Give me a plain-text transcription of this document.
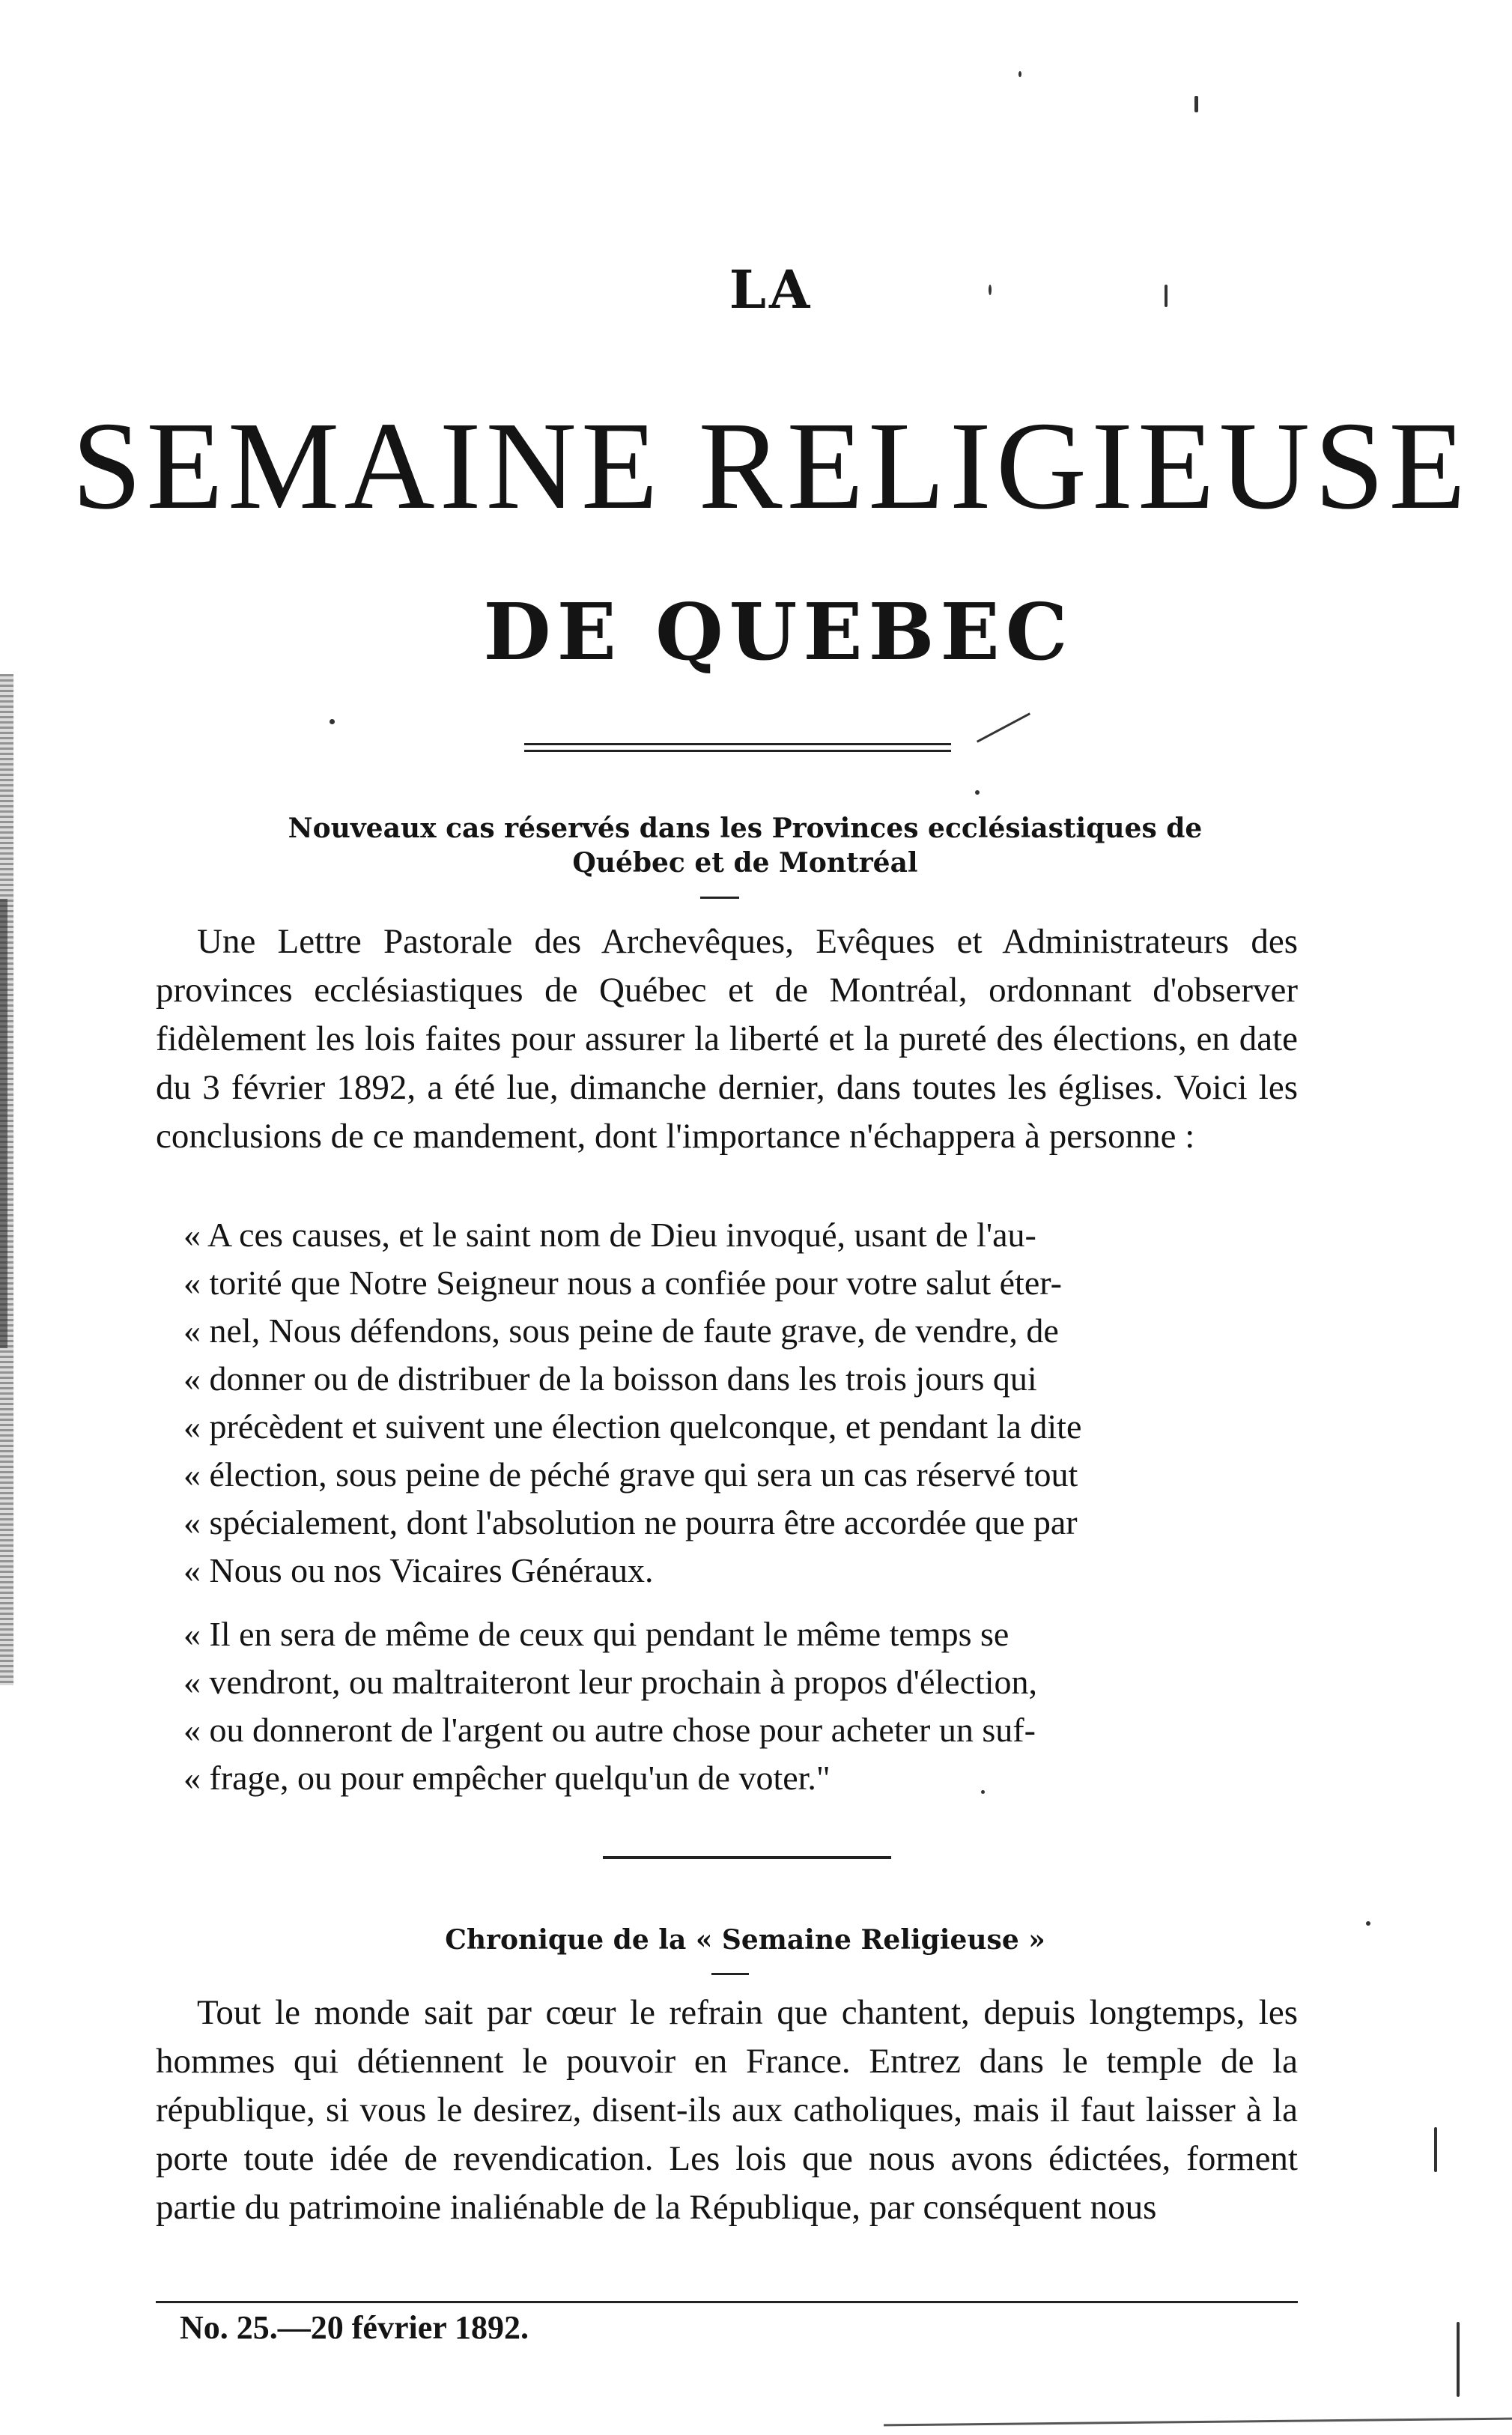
LA
SEMAINE RELIGIEUSE
DE QUEBEC
Nouveaux cas réservés dans les Provinces ecclésiastiques de
Québec et de Montréal

Une Lettre Pastorale des Archevêques, Evêques et Administrateurs des provinces ecclésiastiques de Québec et de Montréal, ordonnant d'observer fidèlement les lois faites pour assurer la liberté et la pureté des élections, en date du 3 février 1892, a été lue, dimanche dernier, dans toutes les églises. Voici les conclusions de ce mandement, dont l'importance n'échappera à personne :

« A ces causes, et le saint nom de Dieu invoqué, usant de l'au-
« torité que Notre Seigneur nous a confiée pour votre salut éter-
« nel, Nous défendons, sous peine de faute grave, de vendre, de
« donner ou de distribuer de la boisson dans les trois jours qui
« précèdent et suivent une élection quelconque, et pendant la dite
« élection, sous peine de péché grave qui sera un cas réservé tout
« spécialement, dont l'absolution ne pourra être accordée que par
« Nous ou nos Vicaires Généraux.
« Il en sera de même de ceux qui pendant le même temps se
« vendront, ou maltraiteront leur prochain à propos d'élection,
« ou donneront de l'argent ou autre chose pour acheter un suf-
« frage, ou pour empêcher quelqu'un de voter."
Chronique de la « Semaine Religieuse »

Tout le monde sait par cœur le refrain que chantent, depuis longtemps, les hommes qui détiennent le pouvoir en France. Entrez dans le temple de la république, si vous le desirez, disent-ils aux catholiques, mais il faut laisser à la porte toute idée de revendication. Les lois que nous avons édictées, forment partie du patrimoine inaliénable de la République, par conséquent nous

No. 25.—20 février 1892.
